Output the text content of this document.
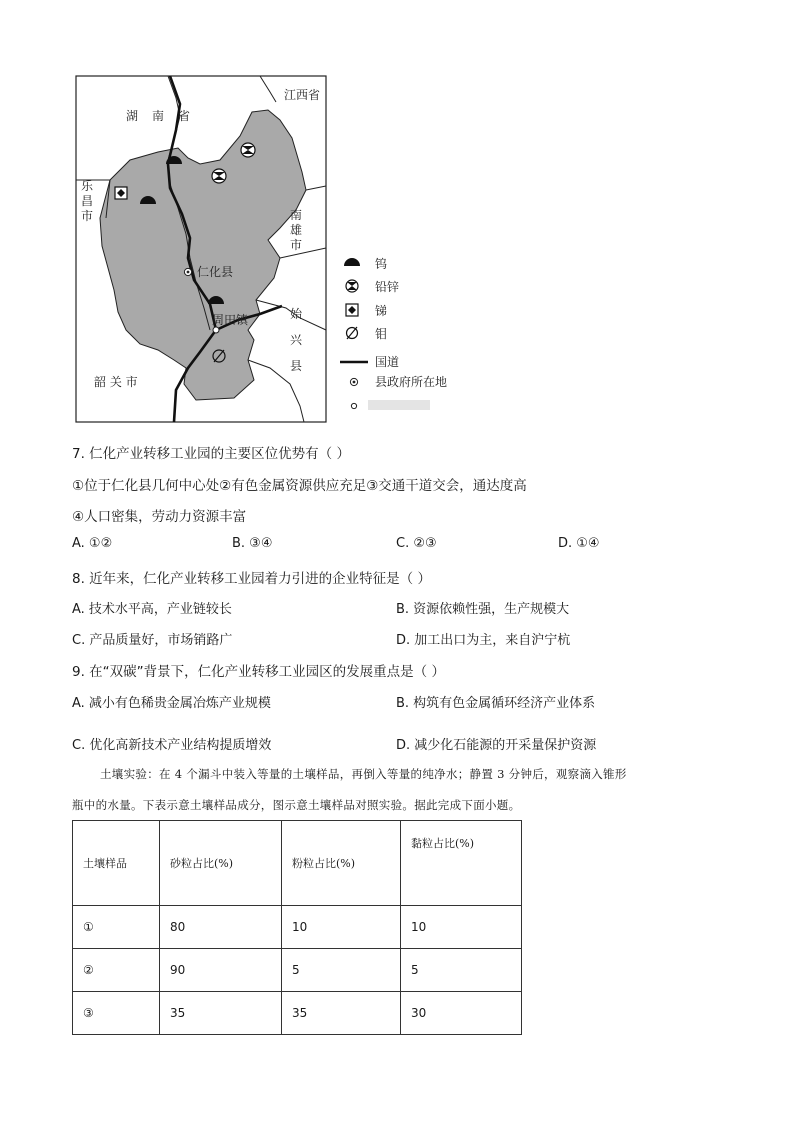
湖 南 省
江西省
乐
昌
市	南
雄
市
仁化县
周田镇	始
兴
县
韶 关 市
钨
铅锌
锑
钼
国道
县政府所在地
7. 仁化产业转移工业园的主要区位优势有（ ）
①位于仁化县几何中心处②有色金属资源供应充足③交通干道交会，通达度高
④人口密集，劳动力资源丰富
A. ①②	B. ③④	C. ②③	D. ①④
8. 近年来，仁化产业转移工业园着力引进的企业特征是（ ）
A. 技术水平高，产业链较长	B. 资源依赖性强，生产规模大
C. 产品质量好，市场销路广	D. 加工出口为主，来自沪宁杭
9. 在“双碳”背景下，仁化产业转移工业园区的发展重点是（ ）
A. 减小有色稀贵金属冶炼产业规模	B. 构筑有色金属循环经济产业体系
C. 优化高新技术产业结构提质增效	D. 减少化石能源的开采量保护资源
土壤实验：在 4 个漏斗中装入等量的土壤样品，再倒入等量的纯净水；静置 3 分钟后，观察滴入锥形
瓶中的水量。下表示意土壤样品成分，图示意土壤样品对照实验。据此完成下面小题。
土壤样品	砂粒占比(%)	粉粒占比(%)	黏粒占比(%)
①	80	10	10
②	90	5	5
③	35	35	30
